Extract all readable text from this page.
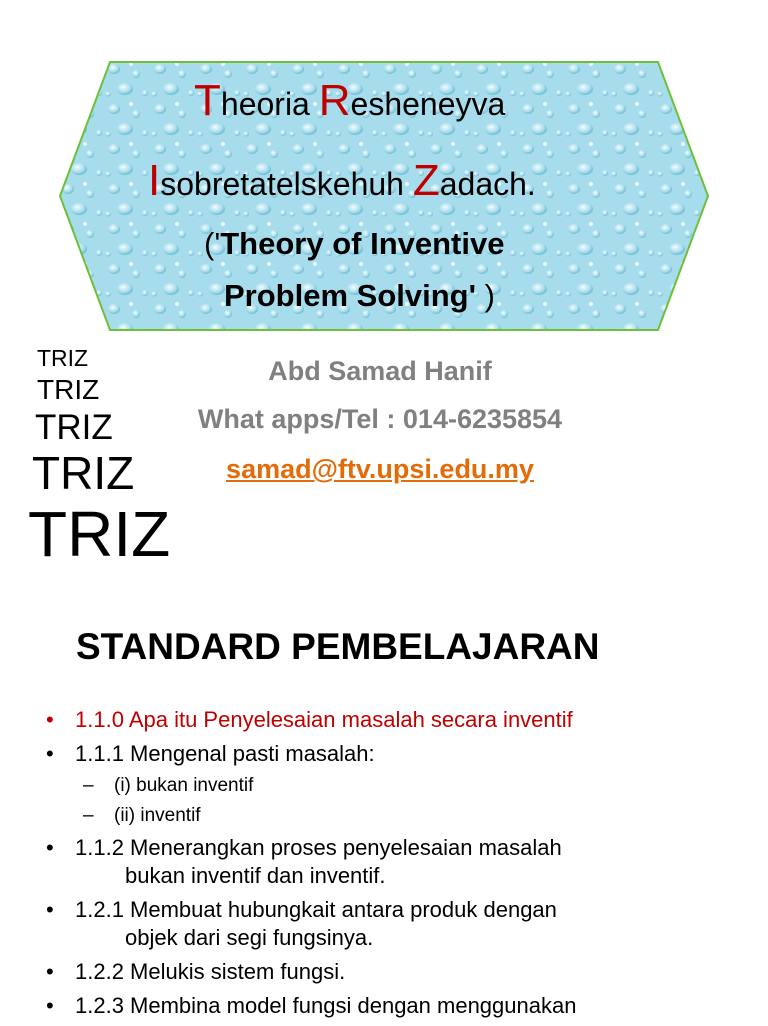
Theoria Resheneyva
Isobretatelskehuh Zadach.
('Theory of Inventive
Problem Solving' )
TRIZ
TRIZ
TRIZ
TRIZ
TRIZ
Abd Samad Hanif
What apps/Tel : 014-6235854
samad@ftv.upsi.edu.my
STANDARD PEMBELAJARAN
• 1.1.0 Apa itu Penyelesaian masalah secara inventif
• 1.1.1 Mengenal pasti masalah:
– (i) bukan inventif
– (ii) inventif
• 1.1.2 Menerangkan proses penyelesaian masalah
bukan inventif dan inventif.
• 1.2.1 Membuat hubungkait antara produk dengan
objek dari segi fungsinya.
• 1.2.2 Melukis sistem fungsi.
• 1.2.3 Membina model fungsi dengan menggunakan
